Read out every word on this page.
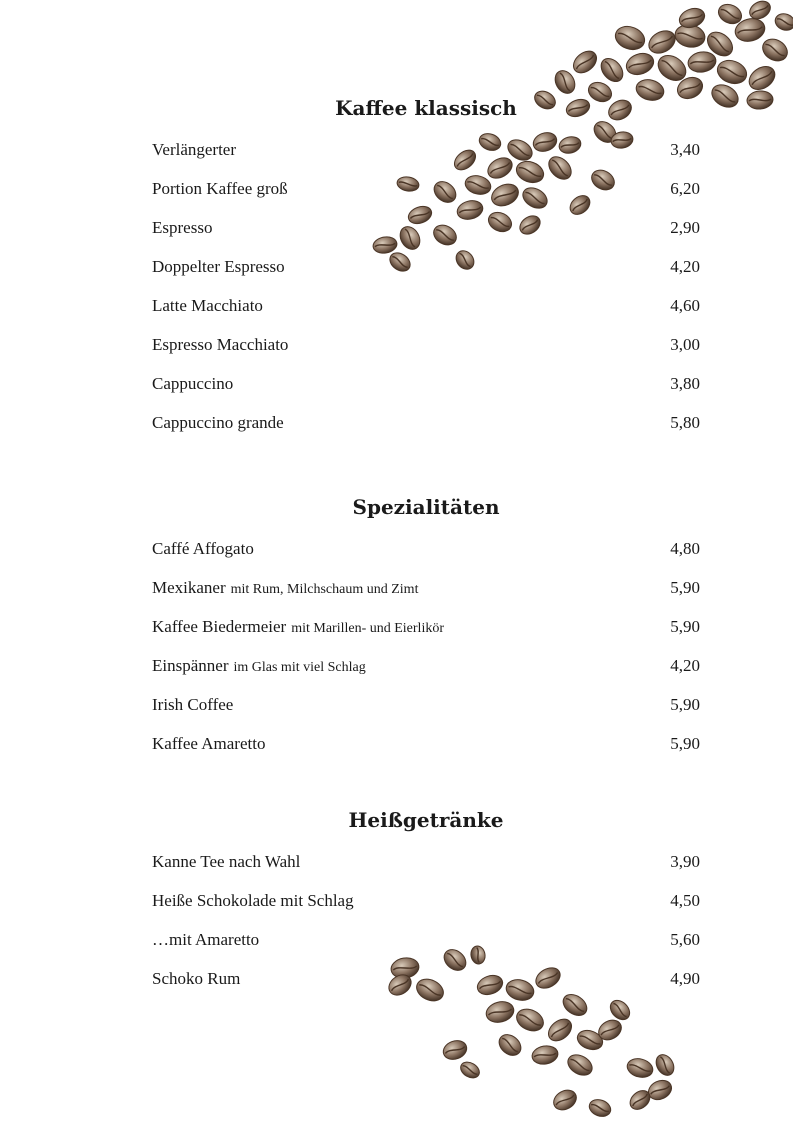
Kaffee klassisch
Verlängerter	3,40
Portion Kaffee groß	6,20
Espresso	2,90
Doppelter Espresso	4,20
Latte Macchiato	4,60
Espresso Macchiato	3,00
Cappuccino	3,80
Cappuccino grande	5,80
Spezialitäten
Caffé Affogato	4,80
Mexikaner mit Rum, Milchschaum und Zimt	5,90
Kaffee Biedermeier mit Marillen- und Eierlikör	5,90
Einspänner im Glas mit viel Schlag	4,20
Irish Coffee	5,90
Kaffee Amaretto	5,90
Heißgetränke
Kanne Tee nach Wahl	3,90
Heiße Schokolade mit Schlag	4,50
…mit Amaretto	5,60
Schoko Rum	4,90
